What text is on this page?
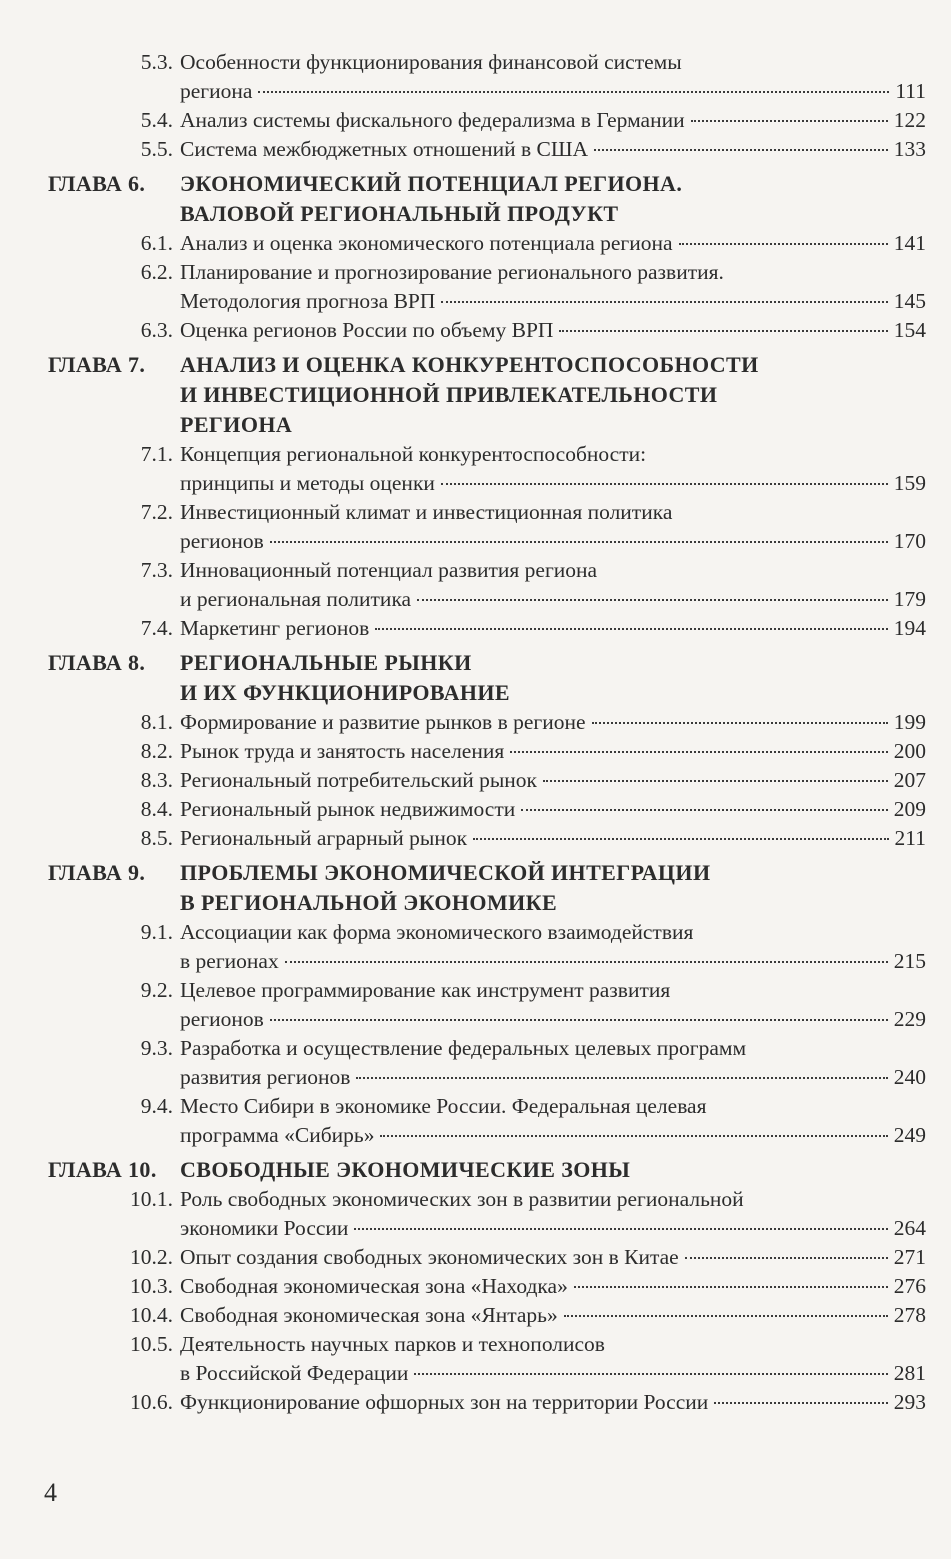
5.3. Особенности функционирования финансовой системы
региона	111
5.4. Анализ системы фискального федерализма в Германии	122
5.5. Система межбюджетных отношений в США	133
ГЛАВА 6. ЭКОНОМИЧЕСКИЙ ПОТЕНЦИАЛ РЕГИОНА.
ВАЛОВОЙ РЕГИОНАЛЬНЫЙ ПРОДУКТ
6.1. Анализ и оценка экономического потенциала региона	141
6.2. Планирование и прогнозирование регионального развития.
Методология прогноза ВРП	145
6.3. Оценка регионов России по объему ВРП	154
ГЛАВА 7. АНАЛИЗ И ОЦЕНКА КОНКУРЕНТОСПОСОБНОСТИ
И ИНВЕСТИЦИОННОЙ ПРИВЛЕКАТЕЛЬНОСТИ
РЕГИОНА
7.1. Концепция региональной конкурентоспособности:
принципы и методы оценки	159
7.2. Инвестиционный климат и инвестиционная политика
регионов	170
7.3. Инновационный потенциал развития региона
и региональная политика	179
7.4. Маркетинг регионов	194
ГЛАВА 8. РЕГИОНАЛЬНЫЕ РЫНКИ
И ИХ ФУНКЦИОНИРОВАНИЕ
8.1. Формирование и развитие рынков в регионе	199
8.2. Рынок труда и занятость населения	200
8.3. Региональный потребительский рынок	207
8.4. Региональный рынок недвижимости	209
8.5. Региональный аграрный рынок	211
ГЛАВА 9. ПРОБЛЕМЫ ЭКОНОМИЧЕСКОЙ ИНТЕГРАЦИИ
В РЕГИОНАЛЬНОЙ ЭКОНОМИКЕ
9.1. Ассоциации как форма экономического взаимодействия
в регионах	215
9.2. Целевое программирование как инструмент развития
регионов	229
9.3. Разработка и осуществление федеральных целевых программ
развития регионов	240
9.4. Место Сибири в экономике России. Федеральная целевая
программа «Сибирь»	249
ГЛАВА 10. СВОБОДНЫЕ ЭКОНОМИЧЕСКИЕ ЗОНЫ
10.1. Роль свободных экономических зон в развитии региональной
экономики России	264
10.2. Опыт создания свободных экономических зон в Китае	271
10.3. Свободная экономическая зона «Находка»	276
10.4. Свободная экономическая зона «Янтарь»	278
10.5. Деятельность научных парков и технополисов
в Российской Федерации	281
10.6. Функционирование офшорных зон на территории России	293
4
